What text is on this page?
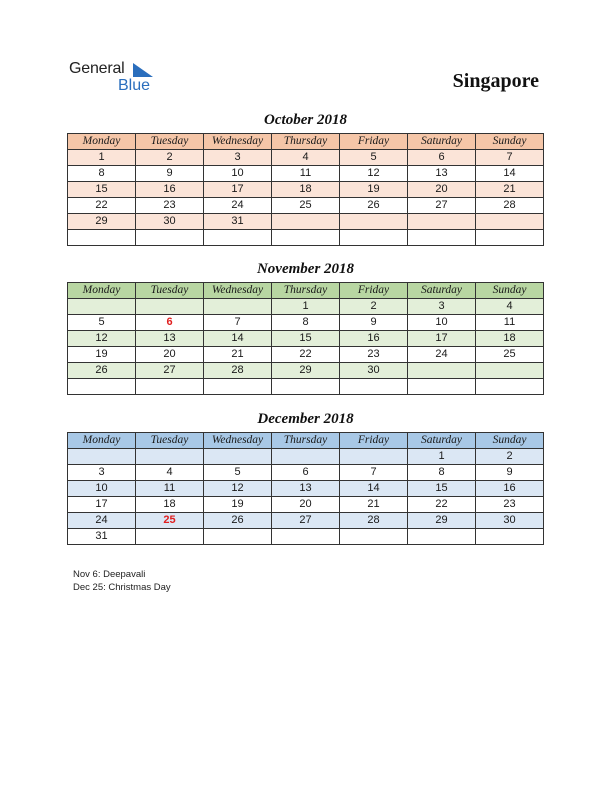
General
Blue	Singapore
October 2018
Monday	Tuesday	Wednesday	Thursday	Friday	Saturday	Sunday
1	2	3	4	5	6	7
8	9	10	11	12	13	14
15	16	17	18	19	20	21
22	23	24	25	26	27	28
29	30	31				

November 2018
Monday	Tuesday	Wednesday	Thursday	Friday	Saturday	Sunday
			1	2	3	4
5	6	7	8	9	10	11
12	13	14	15	16	17	18
19	20	21	22	23	24	25
26	27	28	29	30		

December 2018
Monday	Tuesday	Wednesday	Thursday	Friday	Saturday	Sunday
					1	2
3	4	5	6	7	8	9
10	11	12	13	14	15	16
17	18	19	20	21	22	23
24	25	26	27	28	29	30
31						
Nov 6: Deepavali
Dec 25: Christmas Day
